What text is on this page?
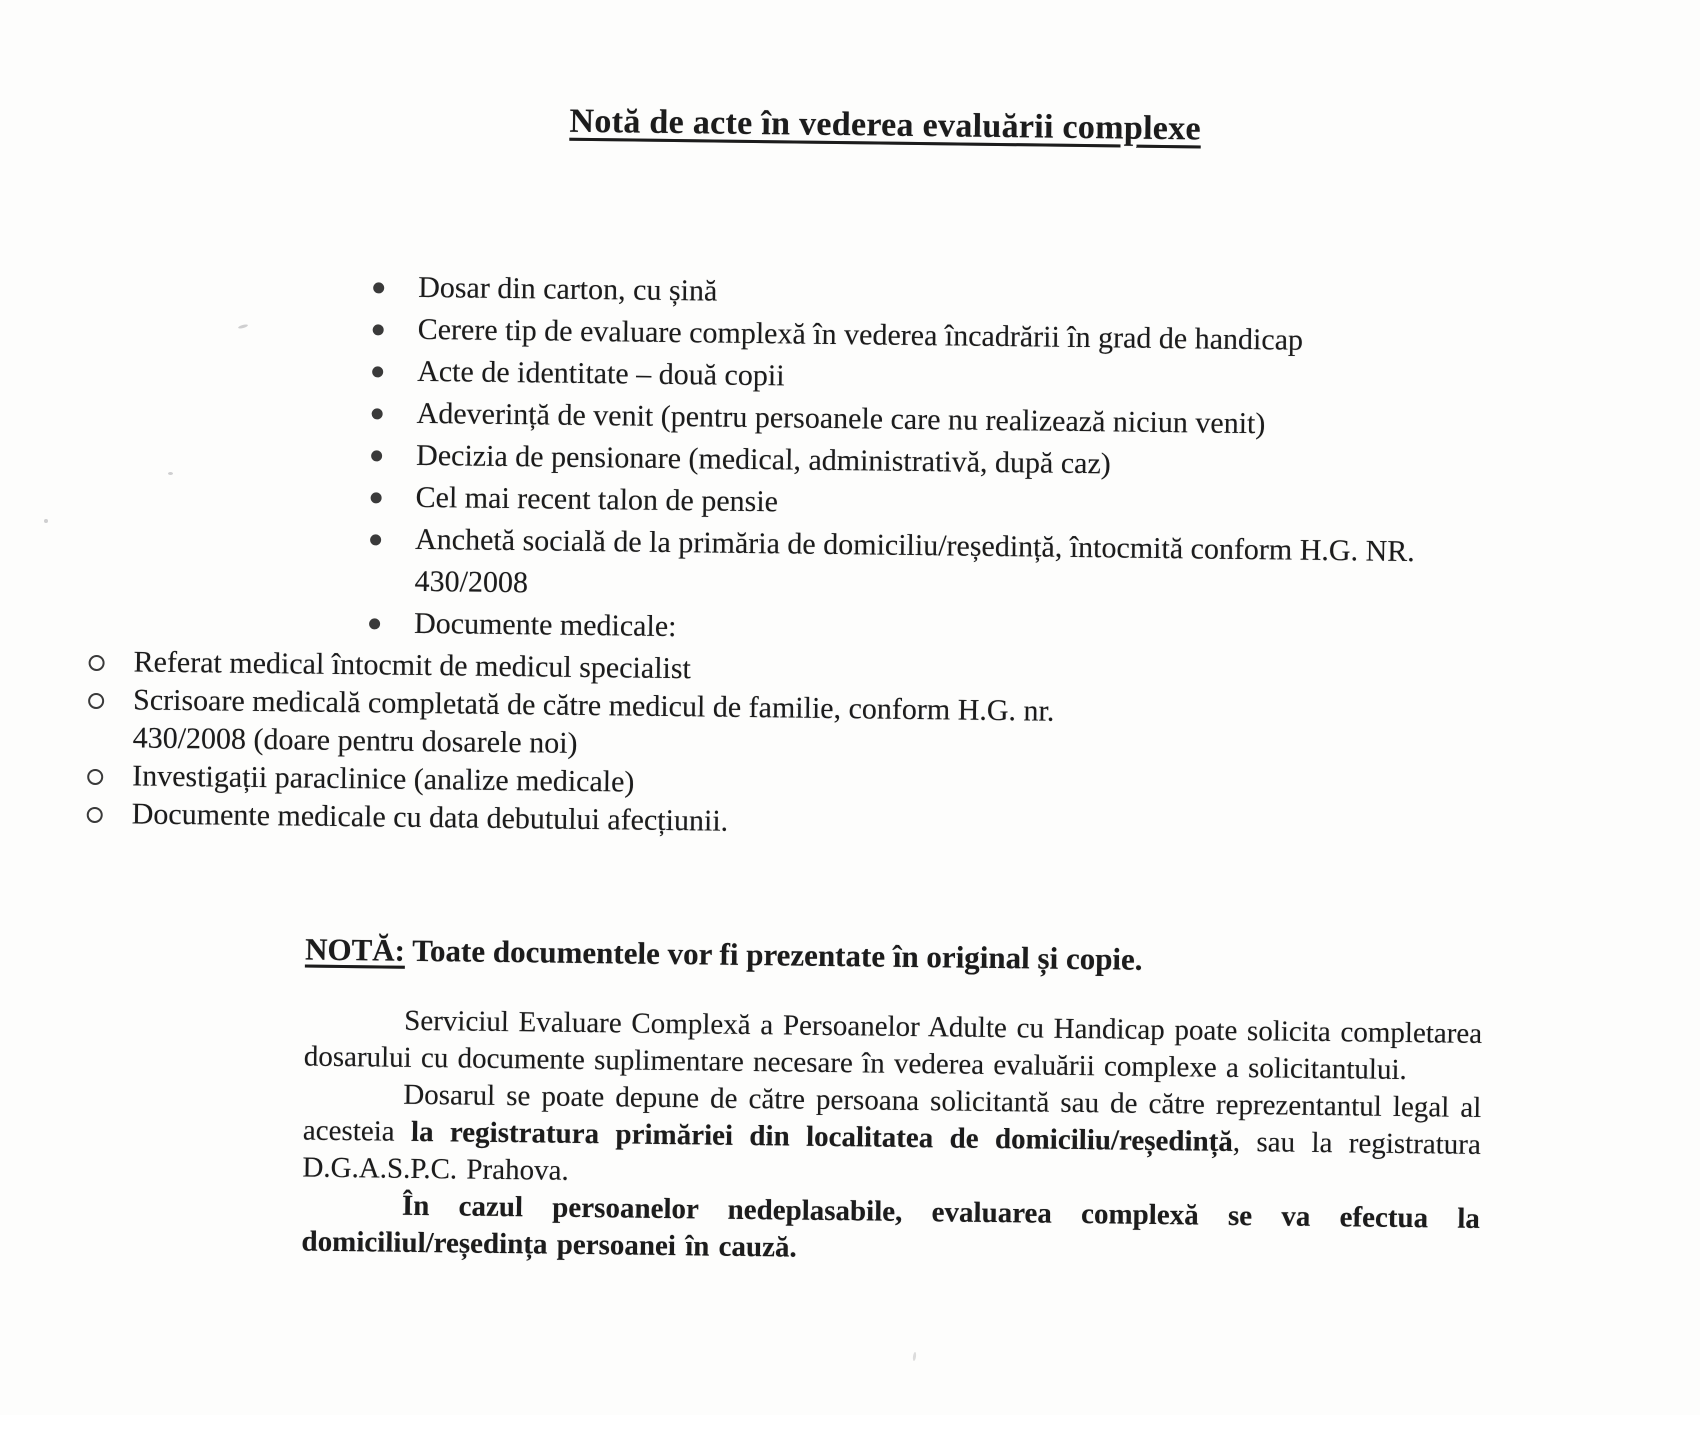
Notă de acte în vederea evaluării complexe
Dosar din carton, cu șină
Cerere tip de evaluare complexă în vederea încadrării în grad de handicap
Acte de identitate – două copii
Adeverință de venit (pentru persoanele care nu realizează niciun venit)
Decizia de pensionare (medical, administrativă, după caz)
Cel mai recent talon de pensie
Anchetă socială de la primăria de domiciliu/reședință, întocmită conform H.G. NR. 430/2008
Documente medicale:
Referat medical întocmit de medicul specialist
Scrisoare medicală completată de către medicul de familie, conform H.G. nr. 430/2008 (doare pentru dosarele noi)
Investigații paraclinice (analize medicale)
Documente medicale cu data debutului afecțiunii.
NOTĂ: Toate documentele vor fi prezentate în original și copie.

Serviciul Evaluare Complexă a Persoanelor Adulte cu Handicap poate solicita completarea dosarului cu documente suplimentare necesare în vederea evaluării complexe a solicitantului.

Dosarul se poate depune de către persoana solicitantă sau de către reprezentantul legal al acesteia la registratura primăriei din localitatea de domiciliu/reședință, sau la registratura D.G.A.S.P.C. Prahova.

În cazul persoanelor nedeplasabile, evaluarea complexă se va efectua la domiciliul/reședința persoanei în cauză.
